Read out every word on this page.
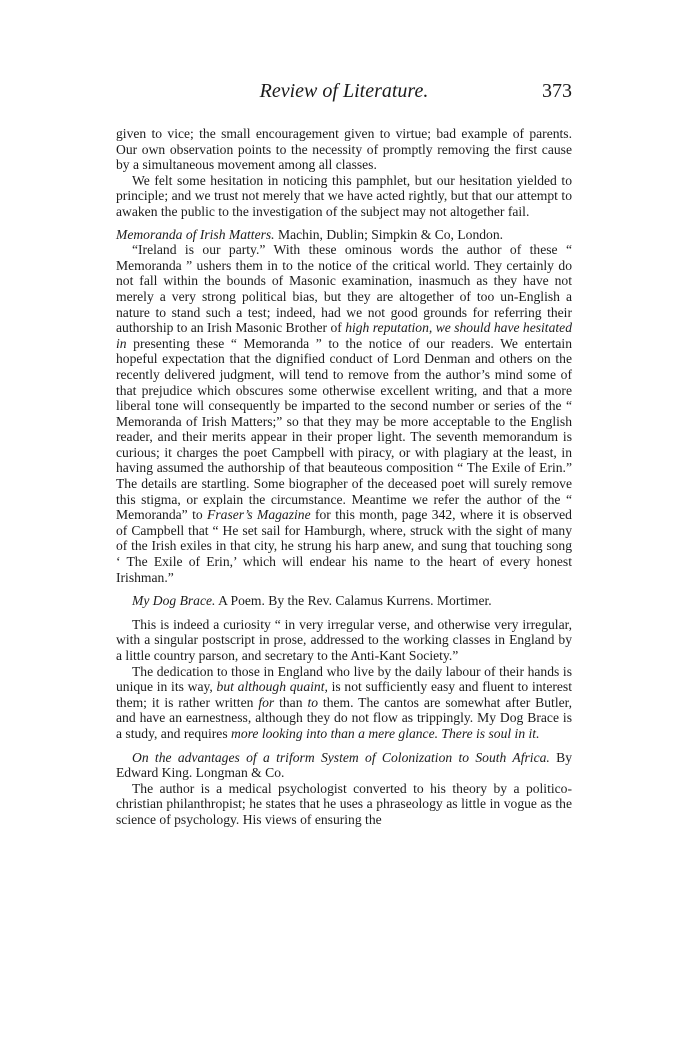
Review of Literature.	373

given to vice; the small encouragement given to virtue; bad example of parents. Our own observation points to the necessity of promptly removing the first cause by a simultaneous movement among all classes.

We felt some hesitation in noticing this pamphlet, but our hesitation yielded to principle; and we trust not merely that we have acted rightly, but that our attempt to awaken the public to the investigation of the subject may not altogether fail.

Memoranda of Irish Matters. Machin, Dublin; Simpkin & Co, London.

“Ireland is our party.” With these ominous words the author of these “ Memoranda ” ushers them in to the notice of the critical world. They certainly do not fall within the bounds of Masonic examination, inasmuch as they have not merely a very strong political bias, but they are altogether of too un-English a nature to stand such a test; indeed, had we not good grounds for referring their authorship to an Irish Masonic Brother of high reputation, we should have hesitated in presenting these “ Memoranda ” to the notice of our readers. We entertain hopeful expectation that the dignified conduct of Lord Denman and others on the recently delivered judgment, will tend to remove from the author’s mind some of that prejudice which obscures some otherwise excellent writing, and that a more liberal tone will consequently be imparted to the second number or series of the “ Memoranda of Irish Matters;” so that they may be more acceptable to the English reader, and their merits appear in their proper light. The seventh memorandum is curious; it charges the poet Campbell with piracy, or with plagiary at the least, in having assumed the authorship of that beauteous composition “ The Exile of Erin.” The details are startling. Some biographer of the deceased poet will surely remove this stigma, or explain the circumstance. Meantime we refer the author of the “ Memoranda” to Fraser’s Magazine for this month, page 342, where it is observed of Campbell that “ He set sail for Hamburgh, where, struck with the sight of many of the Irish exiles in that city, he strung his harp anew, and sung that touching song ‘ The Exile of Erin,’ which will endear his name to the heart of every honest Irishman.”

My Dog Brace. A Poem. By the Rev. Calamus Kurrens. Mortimer.

This is indeed a curiosity “ in very irregular verse, and otherwise very irregular, with a singular postscript in prose, addressed to the working classes in England by a little country parson, and secretary to the Anti-Kant Society.”

The dedication to those in England who live by the daily labour of their hands is unique in its way, but although quaint, is not sufficiently easy and fluent to interest them; it is rather written for than to them. The cantos are somewhat after Butler, and have an earnestness, although they do not flow as trippingly. My Dog Brace is a study, and requires more looking into than a mere glance. There is soul in it.

On the advantages of a triform System of Colonization to South Africa. By Edward King. Longman & Co.

The author is a medical psychologist converted to his theory by a politico-christian philanthropist; he states that he uses a phraseology as little in vogue as the science of psychology. His views of ensuring the
